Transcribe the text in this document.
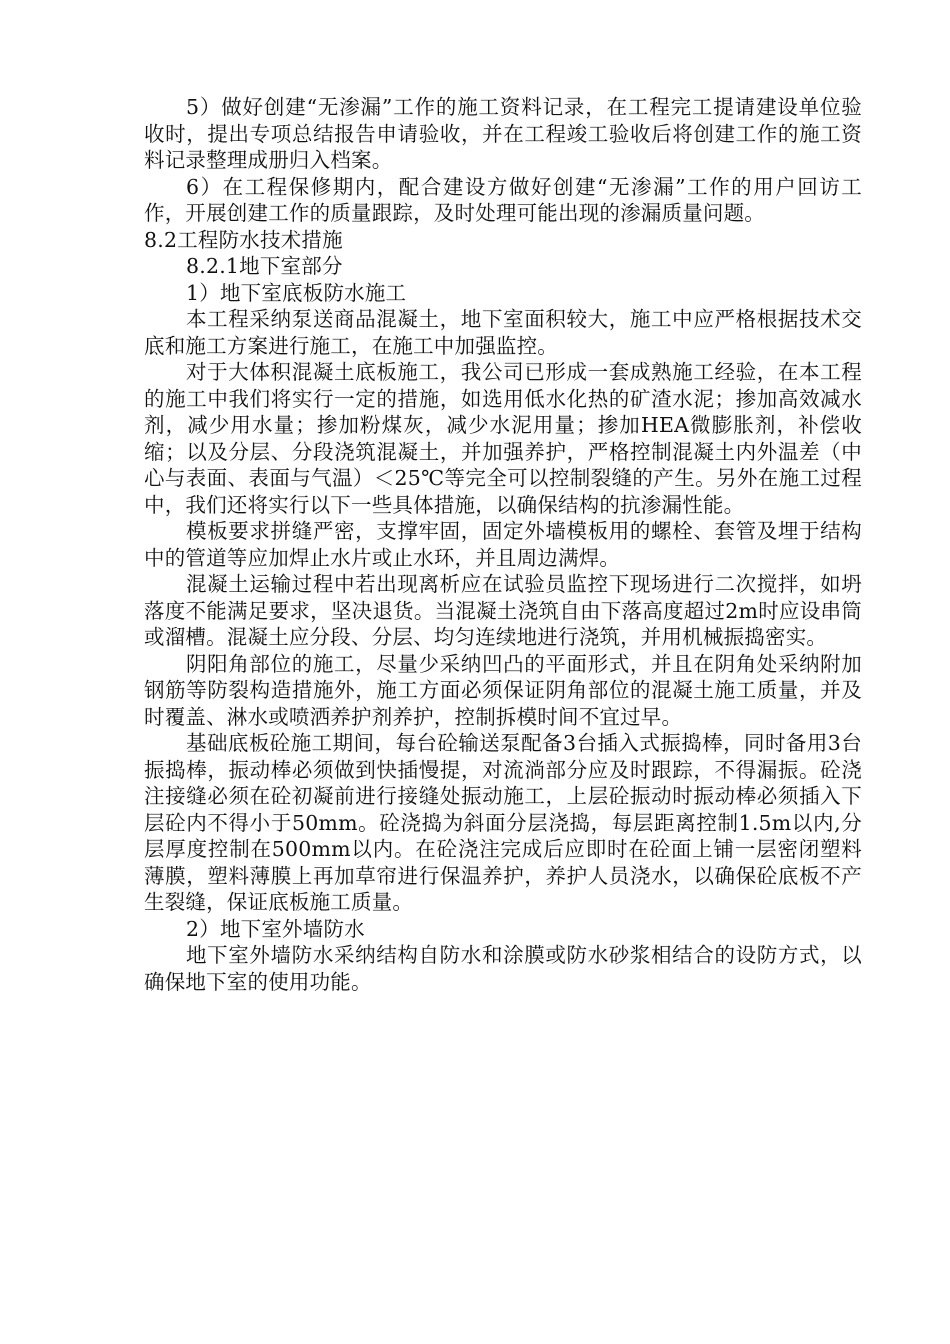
5）做好创建“无渗漏”工作的施工资料记录，在工程完工提请建设单位验收时，提出专项总结报告申请验收，并在工程竣工验收后将创建工作的施工资料记录整理成册归入档案。

6）在工程保修期内，配合建设方做好创建“无渗漏”工作的用户回访工作，开展创建工作的质量跟踪，及时处理可能出现的渗漏质量问题。

8.2工程防水技术措施

8.2.1地下室部分

1）地下室底板防水施工

本工程采纳泵送商品混凝土，地下室面积较大，施工中应严格根据技术交底和施工方案进行施工，在施工中加强监控。

对于大体积混凝土底板施工，我公司已形成一套成熟施工经验，在本工程的施工中我们将实行一定的措施，如选用低水化热的矿渣水泥；掺加高效减水剂，减少用水量；掺加粉煤灰，减少水泥用量；掺加HEA微膨胀剂，补偿收缩；以及分层、分段浇筑混凝土，并加强养护，严格控制混凝土内外温差（中心与表面、表面与气温）＜25℃等完全可以控制裂缝的产生。另外在施工过程中，我们还将实行以下一些具体措施，以确保结构的抗渗漏性能。

模板要求拼缝严密，支撑牢固，固定外墙模板用的螺栓、套管及埋于结构中的管道等应加焊止水片或止水环，并且周边满焊。

混凝土运输过程中若出现离析应在试验员监控下现场进行二次搅拌，如坍落度不能满足要求，坚决退货。当混凝土浇筑自由下落高度超过2m时应设串筒或溜槽。混凝土应分段、分层、均匀连续地进行浇筑，并用机械振捣密实。

阴阳角部位的施工，尽量少采纳凹凸的平面形式，并且在阴角处采纳附加钢筋等防裂构造措施外，施工方面必须保证阴角部位的混凝土施工质量，并及时覆盖、淋水或喷洒养护剂养护，控制拆模时间不宜过早。

基础底板砼施工期间，每台砼输送泵配备3台插入式振捣棒，同时备用3台振捣棒，振动棒必须做到快插慢提，对流淌部分应及时跟踪，不得漏振。砼浇注接缝必须在砼初凝前进行接缝处振动施工，上层砼振动时振动棒必须插入下层砼内不得小于50mm。砼浇捣为斜面分层浇捣，每层距离控制1.5m以内,分层厚度控制在500mm以内。在砼浇注完成后应即时在砼面上铺一层密闭塑料薄膜，塑料薄膜上再加草帘进行保温养护，养护人员浇水，以确保砼底板不产生裂缝，保证底板施工质量。

2）地下室外墙防水

地下室外墙防水采纳结构自防水和涂膜或防水砂浆相结合的设防方式，以确保地下室的使用功能。
